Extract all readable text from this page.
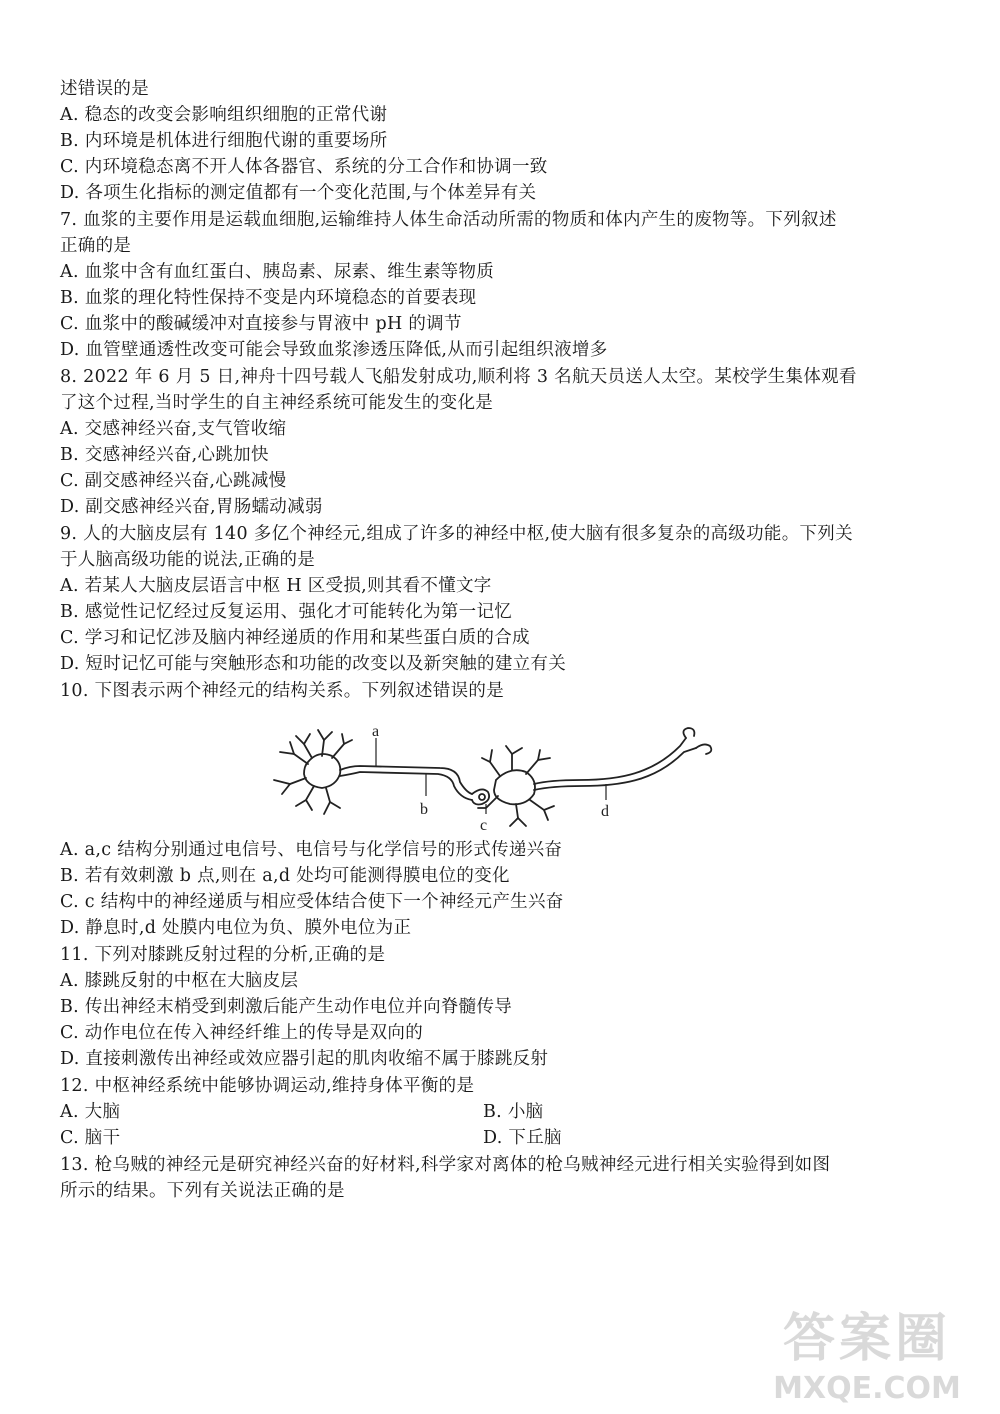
述错误的是
A. 稳态的改变会影响组织细胞的正常代谢
B. 内环境是机体进行细胞代谢的重要场所
C. 内环境稳态离不开人体各器官、系统的分工合作和协调一致
D. 各项生化指标的测定值都有一个变化范围,与个体差异有关
7. 血浆的主要作用是运载血细胞,运输维持人体生命活动所需的物质和体内产生的废物等。下列叙述
正确的是
A. 血浆中含有血红蛋白、胰岛素、尿素、维生素等物质
B. 血浆的理化特性保持不变是内环境稳态的首要表现
C. 血浆中的酸碱缓冲对直接参与胃液中 pH 的调节
D. 血管壁通透性改变可能会导致血浆渗透压降低,从而引起组织液增多
8. 2022 年 6 月 5 日,神舟十四号载人飞船发射成功,顺利将 3 名航天员送人太空。某校学生集体观看
了这个过程,当时学生的自主神经系统可能发生的变化是
A. 交感神经兴奋,支气管收缩
B. 交感神经兴奋,心跳加快
C. 副交感神经兴奋,心跳减慢
D. 副交感神经兴奋,胃肠蠕动减弱
9. 人的大脑皮层有 140 多亿个神经元,组成了许多的神经中枢,使大脑有很多复杂的高级功能。下列关
于人脑高级功能的说法,正确的是
A. 若某人大脑皮层语言中枢 H 区受损,则其看不懂文字
B. 感觉性记忆经过反复运用、强化才可能转化为第一记忆
C. 学习和记忆涉及脑内神经递质的作用和某些蛋白质的合成
D. 短时记忆可能与突触形态和功能的改变以及新突触的建立有关
10. 下图表示两个神经元的结构关系。下列叙述错误的是
a
b
c
d
A. a,c 结构分别通过电信号、电信号与化学信号的形式传递兴奋
B. 若有效刺激 b 点,则在 a,d 处均可能测得膜电位的变化
C. c 结构中的神经递质与相应受体结合使下一个神经元产生兴奋
D. 静息时,d 处膜内电位为负、膜外电位为正
11. 下列对膝跳反射过程的分析,正确的是
A. 膝跳反射的中枢在大脑皮层
B. 传出神经末梢受到刺激后能产生动作电位并向脊髓传导
C. 动作电位在传入神经纤维上的传导是双向的
D. 直接刺激传出神经或效应器引起的肌肉收缩不属于膝跳反射
12. 中枢神经系统中能够协调运动,维持身体平衡的是
A. 大脑	B. 小脑
C. 脑干	D. 下丘脑
13. 枪乌贼的神经元是研究神经兴奋的好材料,科学家对离体的枪乌贼神经元进行相关实验得到如图
所示的结果。下列有关说法正确的是
答案圈
MXQE.COM
